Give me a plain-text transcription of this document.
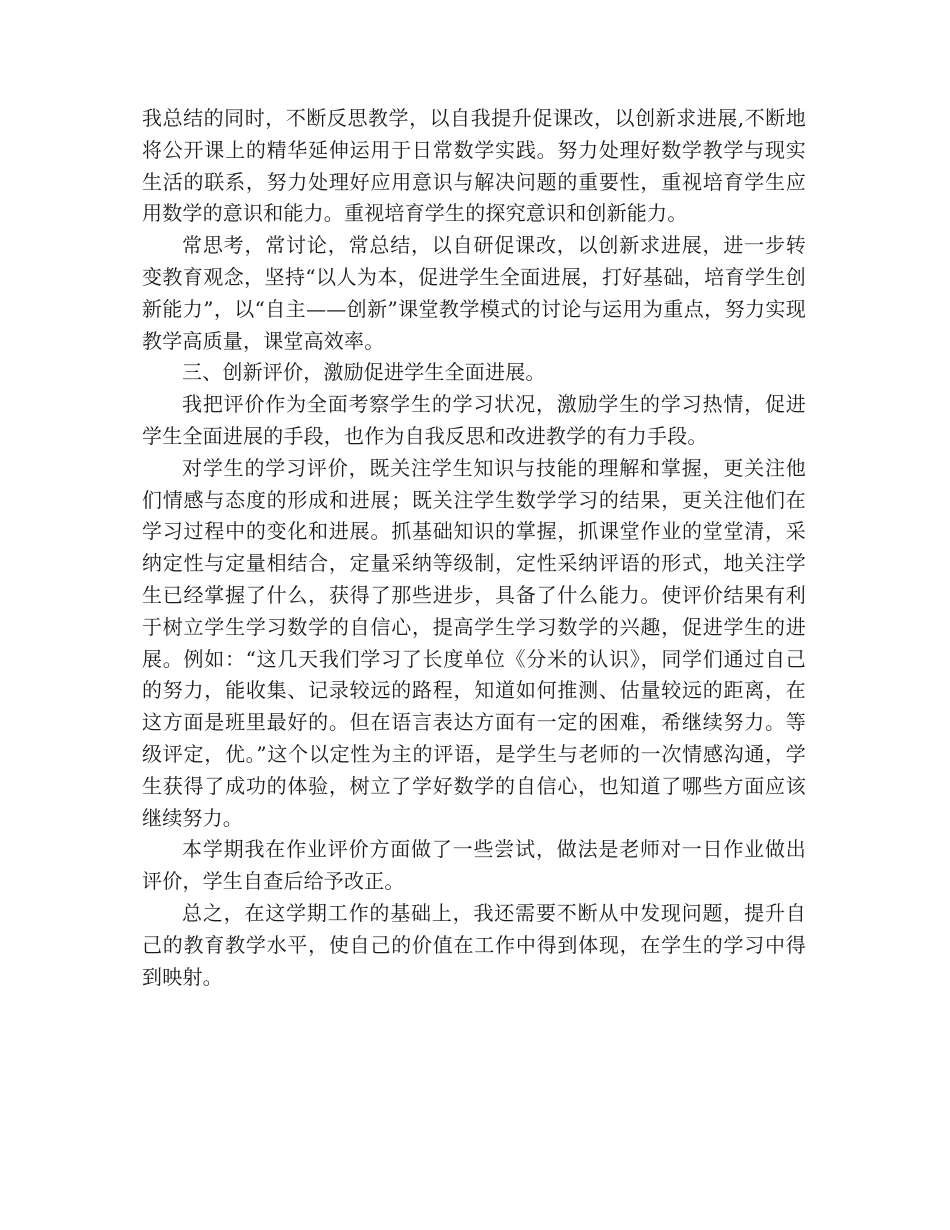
我总结的同时，不断反思教学，以自我提升促课改，以创新求进展,不断地将公开课上的精华延伸运用于日常数学实践。努力处理好数学教学与现实生活的联系，努力处理好应用意识与解决问题的重要性，重视培育学生应用数学的意识和能力。重视培育学生的探究意识和创新能力。

常思考，常讨论，常总结，以自研促课改，以创新求进展，进一步转变教育观念，坚持“以人为本，促进学生全面进展，打好基础，培育学生创新能力”，以“自主——创新”课堂教学模式的讨论与运用为重点，努力实现教学高质量，课堂高效率。

三、创新评价，激励促进学生全面进展。

我把评价作为全面考察学生的学习状况，激励学生的学习热情，促进学生全面进展的手段，也作为自我反思和改进教学的有力手段。

对学生的学习评价，既关注学生知识与技能的理解和掌握，更关注他们情感与态度的形成和进展；既关注学生数学学习的结果，更关注他们在学习过程中的变化和进展。抓基础知识的掌握，抓课堂作业的堂堂清，采纳定性与定量相结合，定量采纳等级制，定性采纳评语的形式，地关注学生已经掌握了什么，获得了那些进步，具备了什么能力。使评价结果有利于树立学生学习数学的自信心，提高学生学习数学的兴趣，促进学生的进展。例如：“这几天我们学习了长度单位《分米的认识》，同学们通过自己的努力，能收集、记录较远的路程，知道如何推测、估量较远的距离，在这方面是班里最好的。但在语言表达方面有一定的困难，希继续努力。等级评定，优。”这个以定性为主的评语，是学生与老师的一次情感沟通，学生获得了成功的体验，树立了学好数学的自信心，也知道了哪些方面应该继续努力。

本学期我在作业评价方面做了一些尝试，做法是老师对一日作业做出评价，学生自查后给予改正。

总之，在这学期工作的基础上，我还需要不断从中发现问题，提升自己的教育教学水平，使自己的价值在工作中得到体现，在学生的学习中得到映射。
